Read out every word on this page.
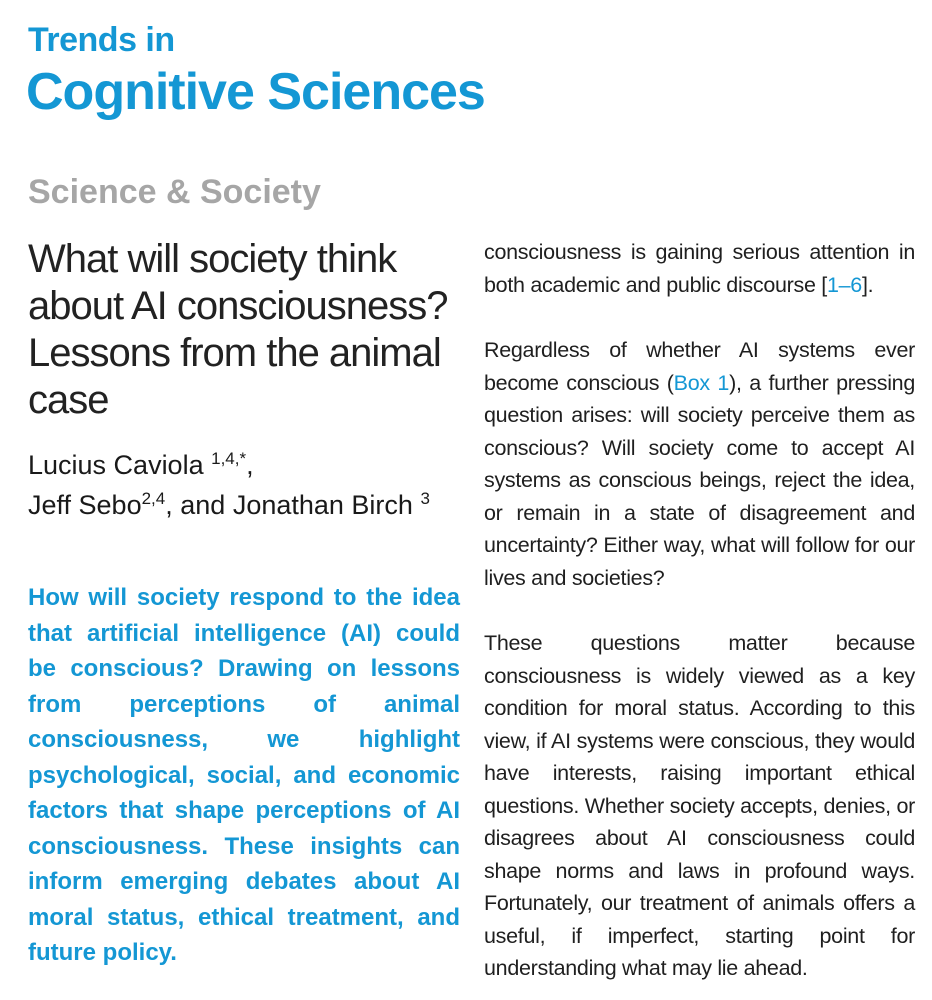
Trends in
Cognitive Sciences
Science & Society
What will society think about AI consciousness? Lessons from the animal case
Lucius Caviola $^{1,4,*}$,
Jeff Sebo$^{2,4}$, and Jonathan Birch $^3$

How will society respond to the idea that artificial intelligence (AI) could be conscious? Drawing on lessons from perceptions of animal consciousness, we highlight psychological, social, and economic factors that shape perceptions of AI consciousness. These insights can inform emerging debates about AI moral status, ethical treatment, and future policy.

consciousness is gaining serious attention in both academic and public discourse [1–6].

Regardless of whether AI systems ever become conscious (Box 1), a further pressing question arises: will society perceive them as conscious? Will society come to accept AI systems as conscious beings, reject the idea, or remain in a state of disagreement and uncertainty? Either way, what will follow for our lives and societies?

These questions matter because consciousness is widely viewed as a key condition for moral status. According to this view, if AI systems were conscious, they would have interests, raising important ethical questions. Whether society accepts, denies, or disagrees about AI consciousness could shape norms and laws in profound ways. Fortunately, our treatment of animals offers a useful, if imperfect, starting point for understanding what may lie ahead.
